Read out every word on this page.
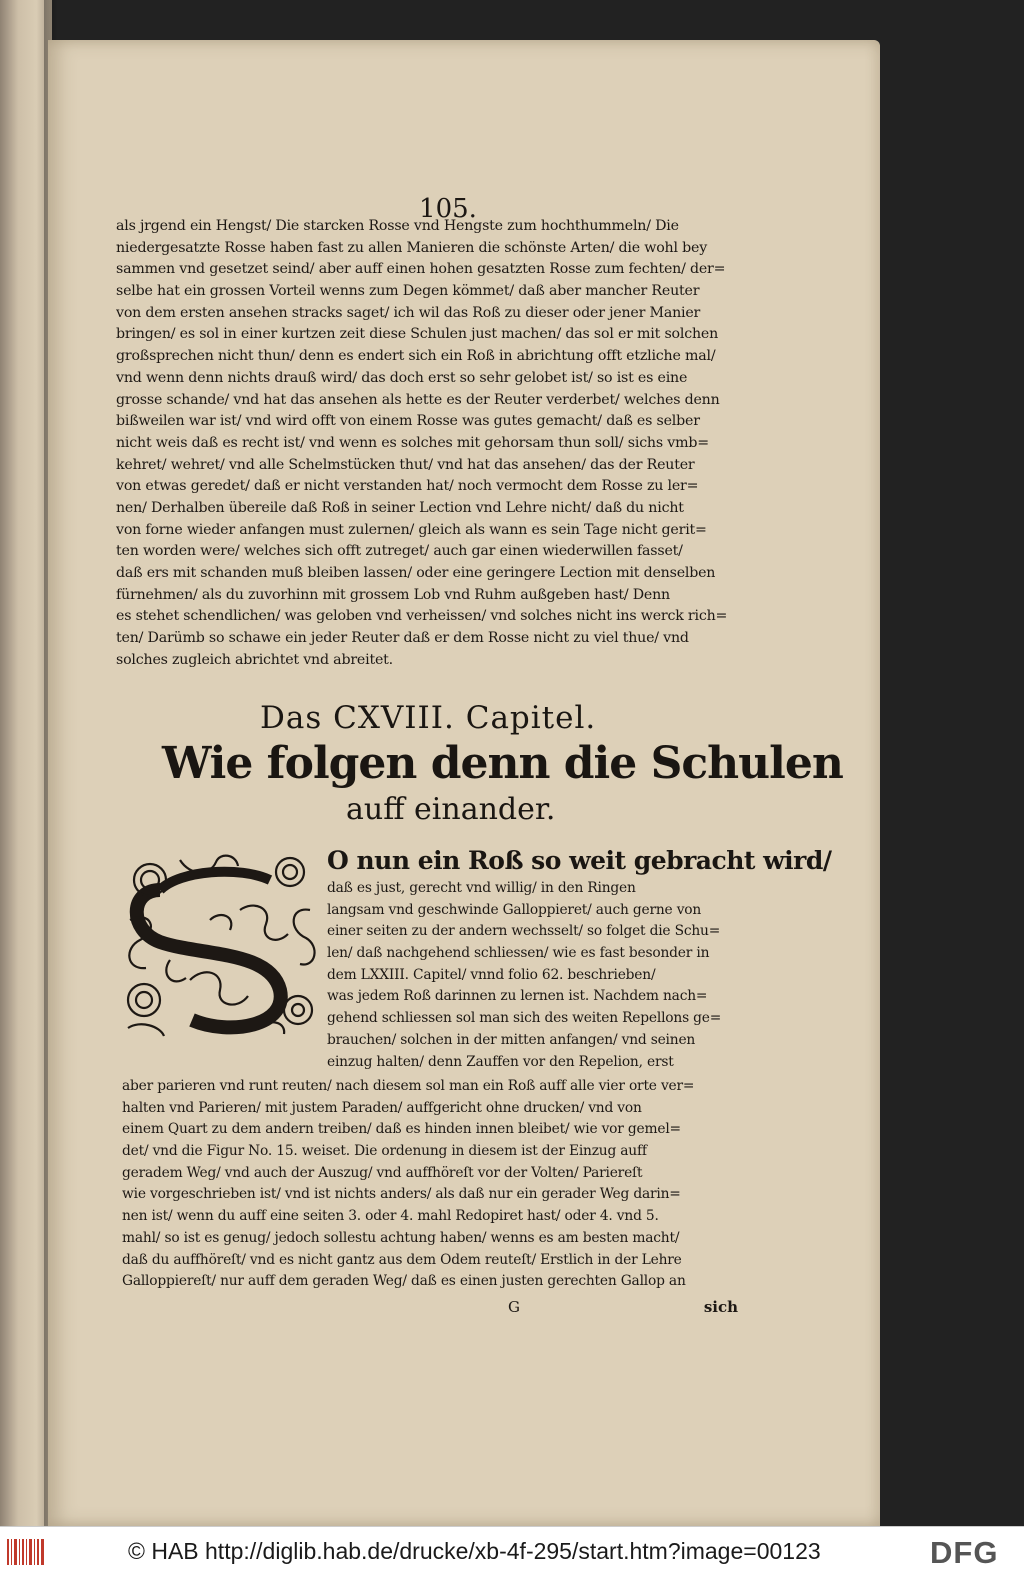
105.
als jrgend ein Hengst/ Die starcken Rosse vnd Hengste zum hochthummeln/ Die
niedergesatzte Rosse haben fast zu allen Manieren die schönste Arten/ die wohl bey
sammen vnd gesetzet seind/ aber auff einen hohen gesatzten Rosse zum fechten/ der=
selbe hat ein grossen Vorteil wenns zum Degen kömmet/ daß aber mancher Reuter
von dem ersten ansehen stracks saget/ ich wil das Roß zu dieser oder jener Manier
bringen/ es sol in einer kurtzen zeit diese Schulen just machen/ das sol er mit solchen
großsprechen nicht thun/ denn es endert sich ein Roß in abrichtung offt etzliche mal/
vnd wenn denn nichts drauß wird/ das doch erst so sehr gelobet ist/ so ist es eine
grosse schande/ vnd hat das ansehen als hette es der Reuter verderbet/ welches denn
bißweilen war ist/ vnd wird offt von einem Rosse was gutes gemacht/ daß es selber
nicht weis daß es recht ist/ vnd wenn es solches mit gehorsam thun soll/ sichs vmb=
kehret/ wehret/ vnd alle Schelmstücken thut/ vnd hat das ansehen/ das der Reuter
von etwas geredet/ daß er nicht verstanden hat/ noch vermocht dem Rosse zu ler=
nen/ Derhalben übereile daß Roß in seiner Lection vnd Lehre nicht/ daß du nicht
von forne wieder anfangen must zulernen/ gleich als wann es sein Tage nicht gerit=
ten worden were/ welches sich offt zutreget/ auch gar einen wiederwillen fasset/
daß ers mit schanden muß bleiben lassen/ oder eine geringere Lection mit denselben
fürnehmen/ als du zuvorhinn mit grossem Lob vnd Ruhm außgeben hast/ Denn
es stehet schendlichen/ was geloben vnd verheissen/ vnd solches nicht ins werck rich=
ten/ Darümb so schawe ein jeder Reuter daß er dem Rosse nicht zu viel thue/ vnd
solches zugleich abrichtet vnd abreitet.
Das CXVIII. Capitel.
Wie folgen denn die Schulen
auff einander.
O nun ein Roß so weit gebracht wird/
daß es just, gerecht vnd willig/ in den Ringen
langsam vnd geschwinde Galloppieret/ auch gerne von
einer seiten zu der andern wechsselt/ so folget die Schu=
len/ daß nachgehend schliessen/ wie es fast besonder in
dem LXXIII. Capitel/ vnnd folio 62. beschrieben/
was jedem Roß darinnen zu lernen ist. Nachdem nach=
gehend schliessen sol man sich des weiten Repellons ge=
brauchen/ solchen in der mitten anfangen/ vnd seinen
einzug halten/ denn Zauffen vor den Repelion, erst
aber parieren vnd runt reuten/ nach diesem sol man ein Roß auff alle vier orte ver=
halten vnd Parieren/ mit justem Paraden/ auffgericht ohne drucken/ vnd von
einem Quart zu dem andern treiben/ daß es hinden innen bleibet/ wie vor gemel=
det/ vnd die Figur No. 15. weiset. Die ordenung in diesem ist der Einzug auff
geradem Weg/ vnd auch der Auszug/ vnd auffhöreſt vor der Volten/ Pariereſt
wie vorgeschrieben ist/ vnd ist nichts anders/ als daß nur ein gerader Weg darin=
nen ist/ wenn du auff eine seiten 3. oder 4. mahl Redopiret hast/ oder 4. vnd 5.
mahl/ so ist es genug/ jedoch sollestu achtung haben/ wenns es am besten macht/
daß du auffhöreſt/ vnd es nicht gantz aus dem Odem reuteſt/ Erstlich in der Lehre
Galloppiereſt/ nur auff dem geraden Weg/ daß es einen justen gerechten Gallop an
G	sich
© HAB http://diglib.hab.de/drucke/xb-4f-295/start.htm?image=00123	DFG
